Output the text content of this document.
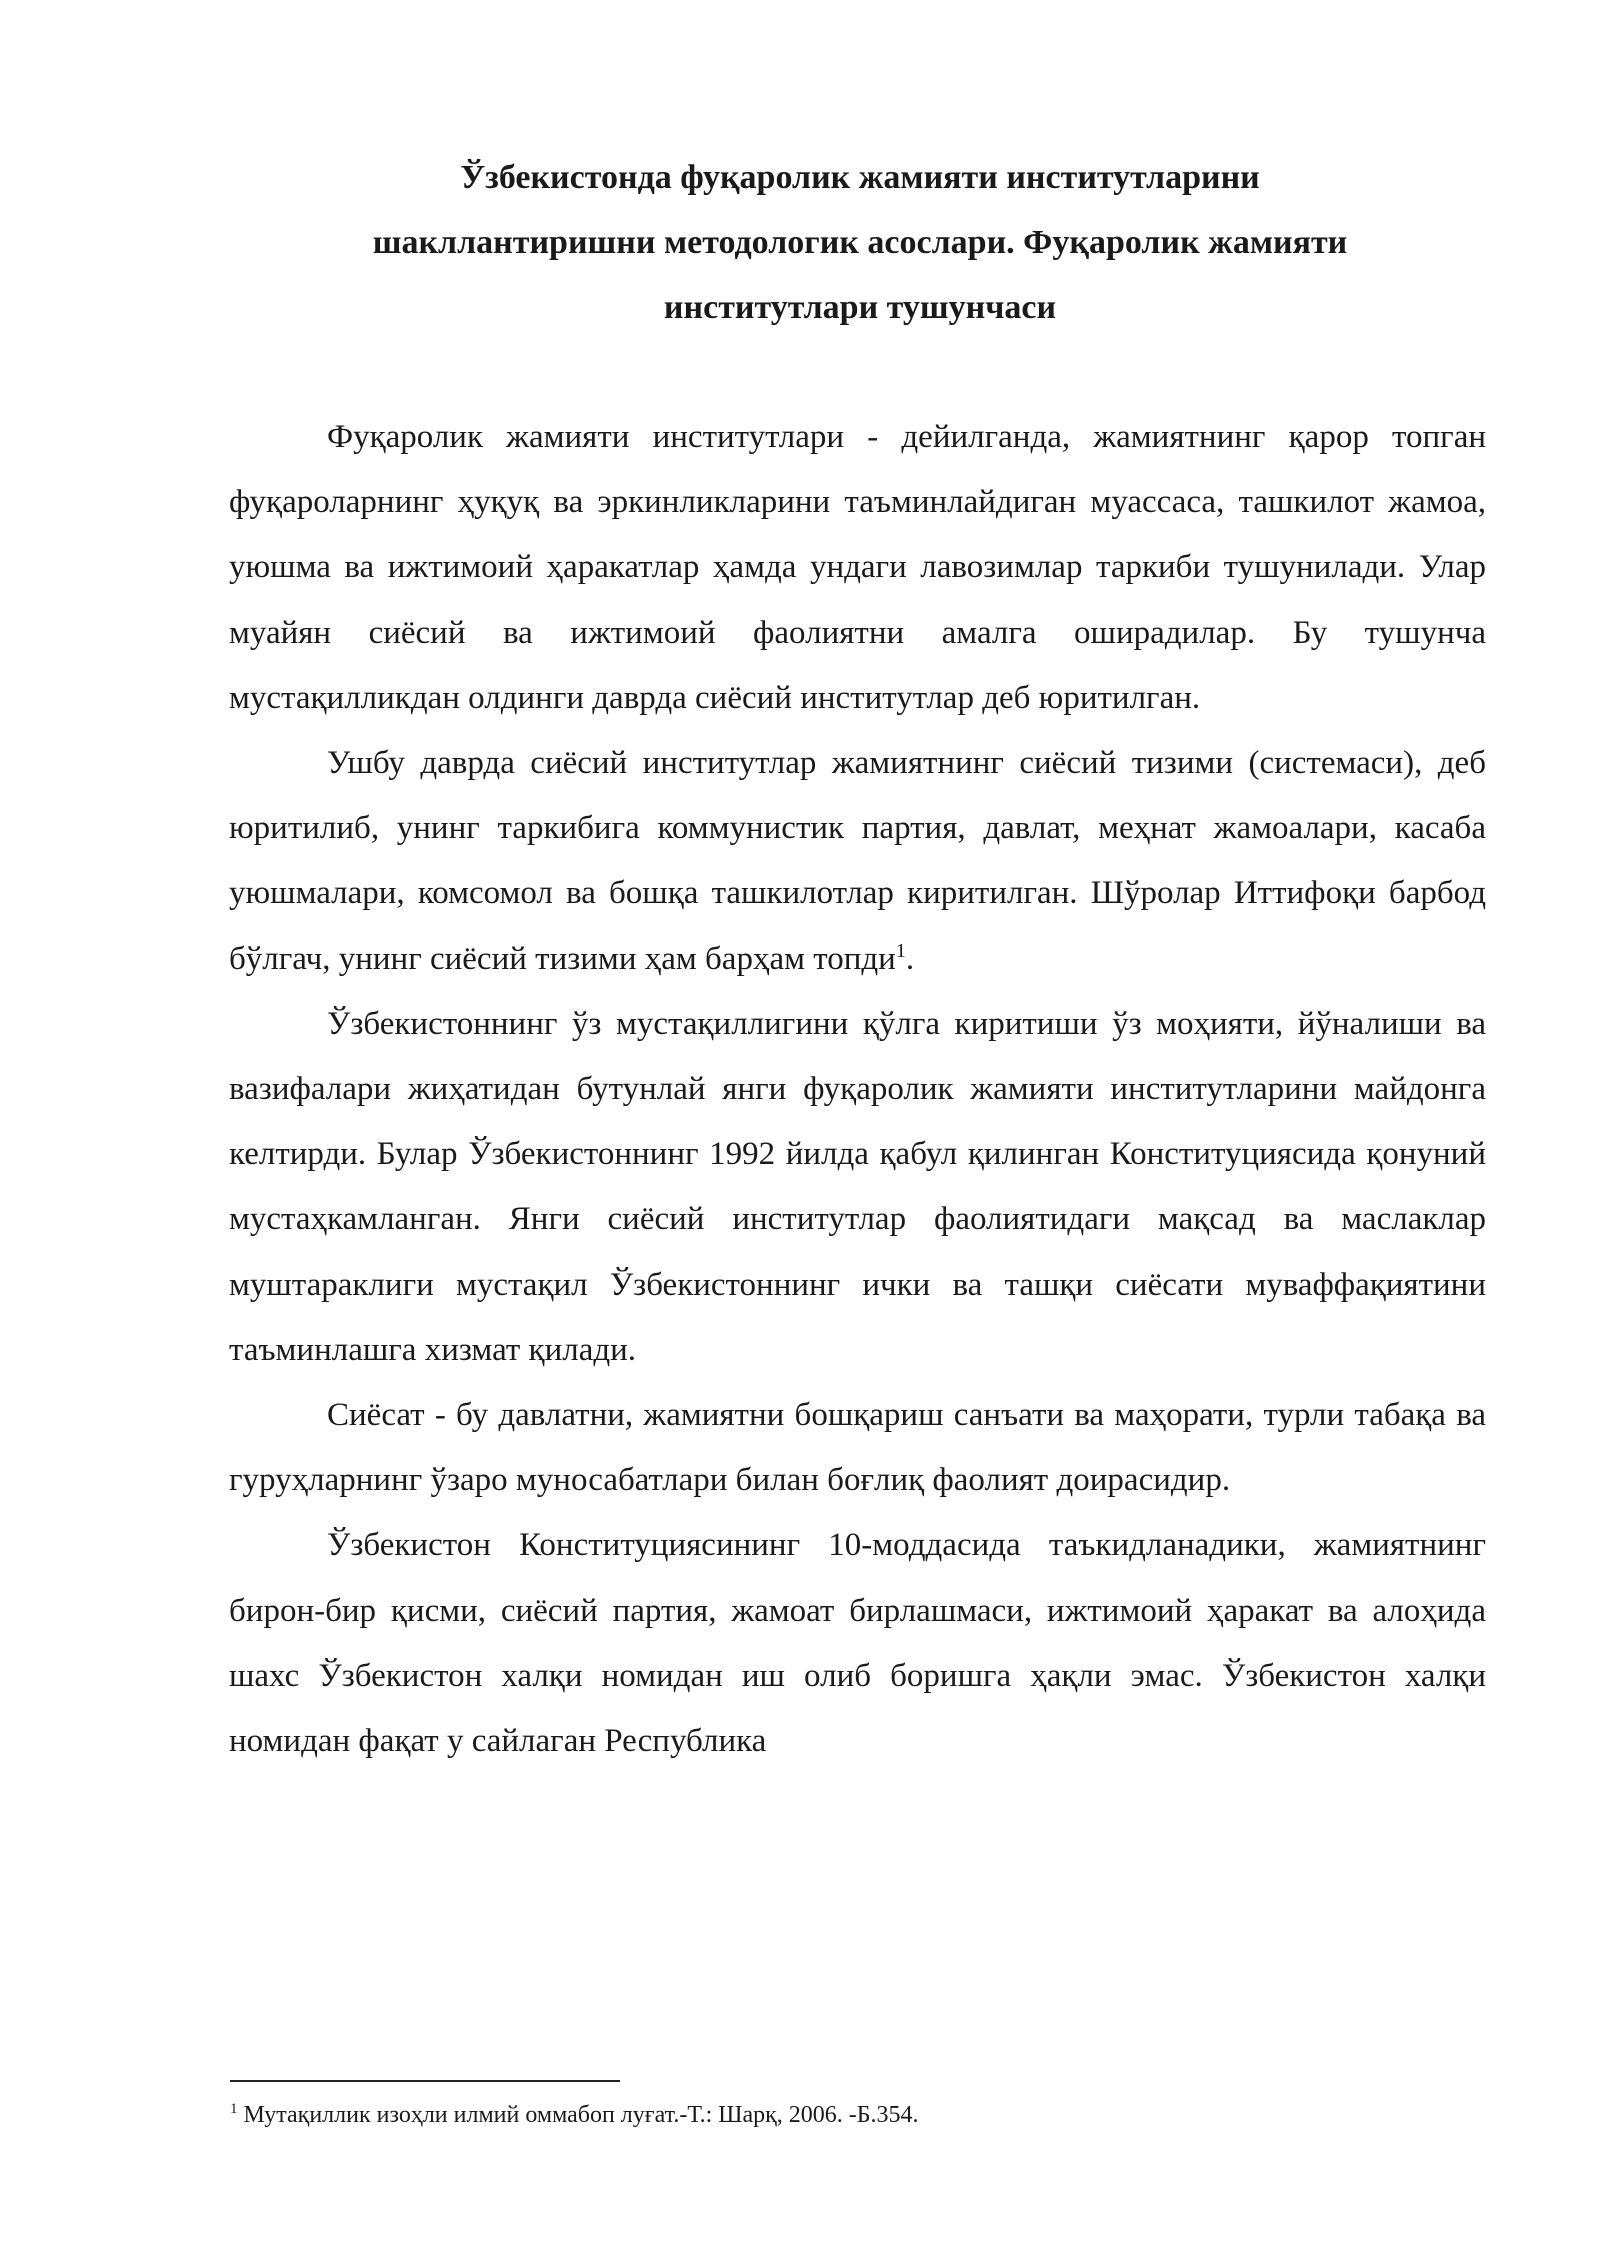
Ўзбекистонда фуқаролик жамияти институтларини
шакллантиришни методологик асослари. Фуқаролик жамияти
институтлари тушунчаси

Фуқаролик жамияти институтлари - дейилганда, жамиятнинг қарор топган фуқароларнинг ҳуқуқ ва эркинликларини таъминлайдиган муассаса, ташкилот жамоа, уюшма ва ижтимоий ҳаракатлар ҳамда ундаги лавозимлар таркиби тушунилади. Улар муайян сиёсий ва ижтимоий фаолиятни амалга оширадилар. Бу тушунча мустақилликдан олдинги даврда сиёсий институтлар деб юритилган.

Ушбу даврда сиёсий институтлар жамиятнинг сиёсий тизими (системаси), деб юритилиб, унинг таркибига коммунистик партия, давлат, меҳнат жамоалари, касаба уюшмалари, комсомол ва бошқа ташкилотлар киритилган. Шўролар Иттифоқи барбод бўлгач, унинг сиёсий тизими ҳам барҳам топди$^1$.

Ўзбекистоннинг ўз мустақиллигини қўлга киритиши ўз моҳияти, йўналиши ва вазифалари жиҳатидан бутунлай янги фуқаролик жамияти институтларини майдонга келтирди. Булар Ўзбекистоннинг 1992 йилда қабул қилинган Конституциясида қонуний мустаҳкамланган. Янги сиёсий институтлар фаолиятидаги мақсад ва маслаклар муштараклиги мустақил Ўзбекистоннинг ички ва ташқи сиёсати муваффақиятини таъминлашга хизмат қилади.

Сиёсат - бу давлатни, жамиятни бошқариш санъати ва маҳорати, турли табақа ва гуруҳларнинг ўзаро муносабатлари билан боғлиқ фаолият доирасидир.

Ўзбекистон Конституциясининг 10-моддасида таъкидланадики, жамиятнинг бирон-бир қисми, сиёсий партия, жамоат бирлашмаси, ижтимоий ҳаракат ва алоҳида шахс Ўзбекистон халқи номидан иш олиб боришга ҳақли эмас. Ўзбекистон халқи номидан фақат у сайлаган Республика

$^1$ Мутақиллик изоҳли илмий оммабоп луғат.-Т.: Шарқ, 2006. -Б.354.
